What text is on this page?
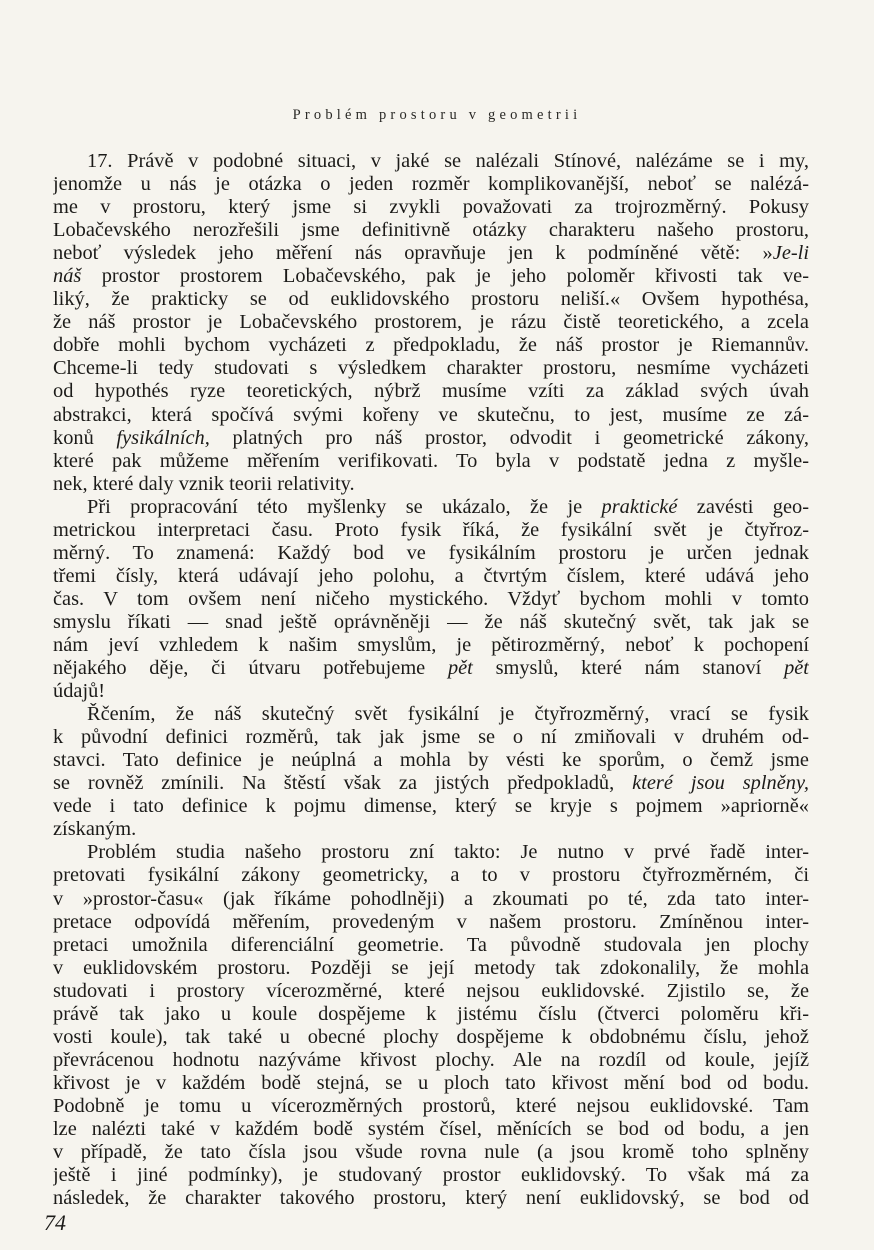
Problém prostoru v geometrii
17. Právě v podobné situaci, v jaké se nalézali Stínové, nalézáme se i my,
jenomže u nás je otázka o jeden rozměr komplikovanější, neboť se nalézá-
me v prostoru, který jsme si zvykli považovati za trojrozměrný. Pokusy
Lobačevského nerozřešili jsme definitivně otázky charakteru našeho prostoru,
neboť výsledek jeho měření nás opravňuje jen k podmíněné větě: »Je-li
náš prostor prostorem Lobačevského, pak je jeho poloměr křivosti tak ve-
liký, že prakticky se od euklidovského prostoru neliší.« Ovšem hypothésa,
že náš prostor je Lobačevského prostorem, je rázu čistě teoretického, a zcela
dobře mohli bychom vycházeti z předpokladu, že náš prostor je Riemannův.
Chceme-li tedy studovati s výsledkem charakter prostoru, nesmíme vycházeti
od hypothés ryze teoretických, nýbrž musíme vzíti za základ svých úvah
abstrakci, která spočívá svými kořeny ve skutečnu, to jest, musíme ze zá-
konů fysikálních, platných pro náš prostor, odvodit i geometrické zákony,
které pak můžeme měřením verifikovati. To byla v podstatě jedna z myšle-
nek, které daly vznik teorii relativity.
Při propracování této myšlenky se ukázalo, že je praktické zavésti geo-
metrickou interpretaci času. Proto fysik říká, že fysikální svět je čtyřroz-
měrný. To znamená: Každý bod ve fysikálním prostoru je určen jednak
třemi čísly, která udávají jeho polohu, a čtvrtým číslem, které udává jeho
čas. V tom ovšem není ničeho mystického. Vždyť bychom mohli v tomto
smyslu říkati — snad ještě oprávněněji — že náš skutečný svět, tak jak se
nám jeví vzhledem k našim smyslům, je pětirozměrný, neboť k pochopení
nějakého děje, či útvaru potřebujeme pět smyslů, které nám stanoví pět
údajů!
Řčením, že náš skutečný svět fysikální je čtyřrozměrný, vrací se fysik
k původní definici rozměrů, tak jak jsme se o ní zmiňovali v druhém od-
stavci. Tato definice je neúplná a mohla by vésti ke sporům, o čemž jsme
se rovněž zmínili. Na štěstí však za jistých předpokladů, které jsou splněny,
vede i tato definice k pojmu dimense, který se kryje s pojmem »apriorně«
získaným.
Problém studia našeho prostoru zní takto: Je nutno v prvé řadě inter-
pretovati fysikální zákony geometricky, a to v prostoru čtyřrozměrném, či
v »prostor-času« (jak říkáme pohodlněji) a zkoumati po té, zda tato inter-
pretace odpovídá měřením, provedeným v našem prostoru. Zmíněnou inter-
pretaci umožnila diferenciální geometrie. Ta původně studovala jen plochy
v euklidovském prostoru. Později se její metody tak zdokonalily, že mohla
studovati i prostory vícerozměrné, které nejsou euklidovské. Zjistilo se, že
právě tak jako u koule dospějeme k jistému číslu (čtverci poloměru kři-
vosti koule), tak také u obecné plochy dospějeme k obdobnému číslu, jehož
převrácenou hodnotu nazýváme křivost plochy. Ale na rozdíl od koule, jejíž
křivost je v každém bodě stejná, se u ploch tato křivost mění bod od bodu.
Podobně je tomu u vícerozměrných prostorů, které nejsou euklidovské. Tam
lze nalézti také v každém bodě systém čísel, měnících se bod od bodu, a jen
v případě, že tato čísla jsou všude rovna nule (a jsou kromě toho splněny
ještě i jiné podmínky), je studovaný prostor euklidovský. To však má za
následek, že charakter takového prostoru, který není euklidovský, se bod od
74
